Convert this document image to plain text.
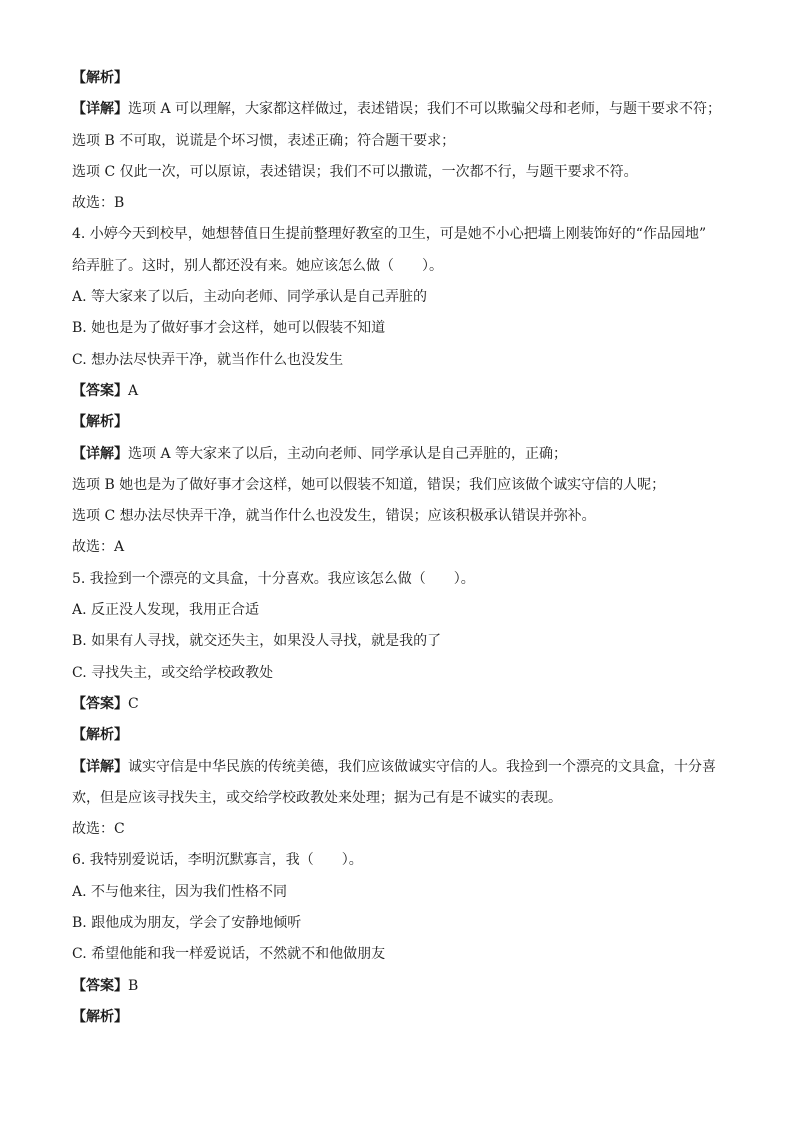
【解析】
【详解】选项 A 可以理解，大家都这样做过，表述错误；我们不可以欺骗父母和老师，与题干要求不符；
选项 B 不可取，说谎是个坏习惯，表述正确；符合题干要求；
选项 C 仅此一次，可以原谅，表述错误；我们不可以撒谎，一次都不行，与题干要求不符。
故选：B
4. 小婷今天到校早，她想替值日生提前整理好教室的卫生，可是她不小心把墙上刚装饰好的“作品园地”
给弄脏了。这时，别人都还没有来。她应该怎么做（　　）。
A. 等大家来了以后，主动向老师、同学承认是自己弄脏的
B. 她也是为了做好事才会这样，她可以假装不知道
C. 想办法尽快弄干净，就当作什么也没发生
【答案】A
【解析】
【详解】选项 A 等大家来了以后，主动向老师、同学承认是自己弄脏的，正确；
选项 B 她也是为了做好事才会这样，她可以假装不知道，错误；我们应该做个诚实守信的人呢；
选项 C 想办法尽快弄干净，就当作什么也没发生，错误；应该积极承认错误并弥补。
故选：A
5. 我捡到一个漂亮的文具盒，十分喜欢。我应该怎么做（　　）。
A. 反正没人发现，我用正合适
B. 如果有人寻找，就交还失主，如果没人寻找，就是我的了
C. 寻找失主，或交给学校政教处
【答案】C
【解析】
【详解】诚实守信是中华民族的传统美德，我们应该做诚实守信的人。我捡到一个漂亮的文具盒，十分喜
欢，但是应该寻找失主，或交给学校政教处来处理；据为己有是不诚实的表现。
故选：C
6. 我特别爱说话，李明沉默寡言，我（　　）。
A. 不与他来往，因为我们性格不同
B. 跟他成为朋友，学会了安静地倾听
C. 希望他能和我一样爱说话，不然就不和他做朋友
【答案】B
【解析】
